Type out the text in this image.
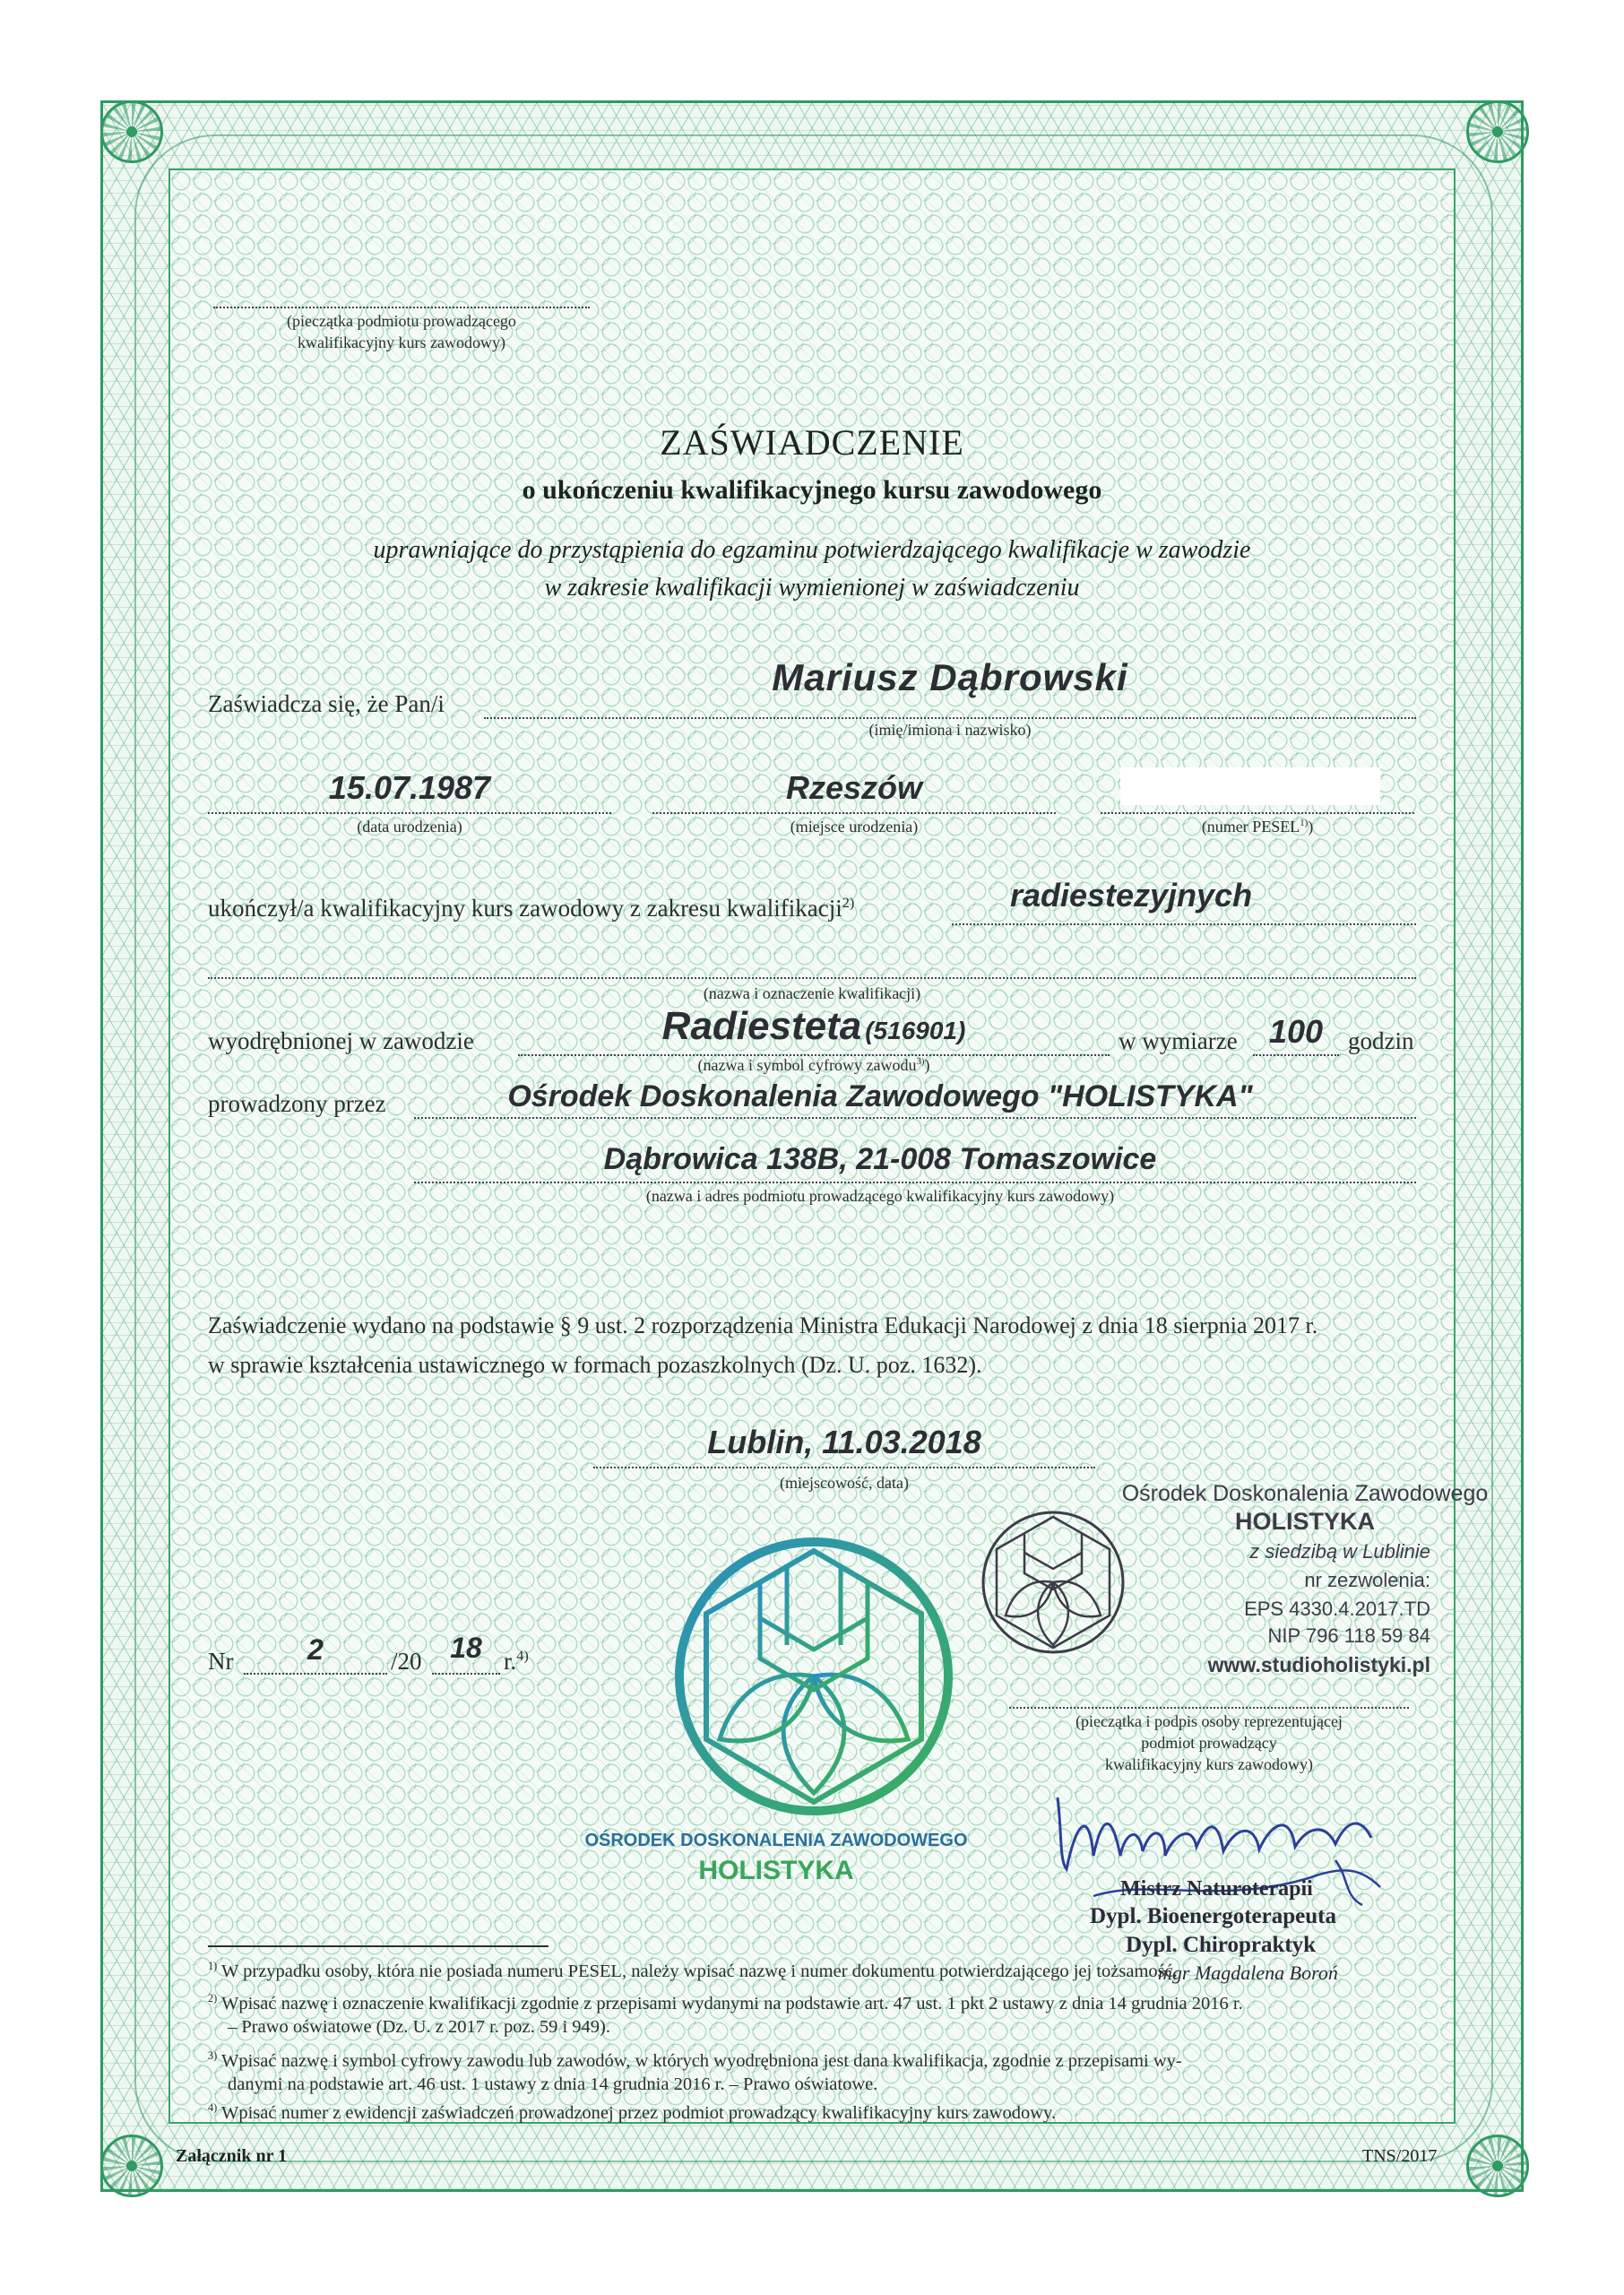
(pieczątka podmiotu prowadzącego
kwalifikacyjny kurs zawodowy)
ZAŚWIADCZENIE
o ukończeniu kwalifikacyjnego kursu zawodowego
uprawniające do przystąpienia do egzaminu potwierdzającego kwalifikacje w zawodzie
w zakresie kwalifikacji wymienionej w zaświadczeniu
Zaświadcza się, że Pan/i
Mariusz Dąbrowski
(imię/imiona i nazwisko)
15.07.1987
(data urodzenia)
Rzeszów
(miejsce urodzenia)	(numer PESEL$^{1)}$)
ukończył/a kwalifikacyjny kurs zawodowy z zakresu kwalifikacji$^{2)}$	radiestezyjnych
(nazwa i oznaczenie kwalifikacji)
wyodrębnionej w zawodzie	Radiesteta (516901)
(nazwa i symbol cyfrowy zawodu$^{3)}$)
w wymiarze 100	godzin
prowadzony przez	Ośrodek Doskonalenia Zawodowego "HOLISTYKA"
Dąbrowica 138B, 21-008 Tomaszowice
(nazwa i adres podmiotu prowadzącego kwalifikacyjny kurs zawodowy)
Zaświadczenie wydano na podstawie § 9 ust. 2 rozporządzenia Ministra Edukacji Narodowej z dnia 18 sierpnia 2017 r.
w sprawie kształcenia ustawicznego w formach pozaszkolnych (Dz. U. poz. 1632).
Lublin, 11.03.2018
(miejscowość, data)
Nr	2	/20 18 r.$^{4)}$
OŚRODEK DOSKONALENIA ZAWODOWEGO
HOLISTYKA
Ośrodek Doskonalenia Zawodowego
HOLISTYKA
z siedzibą w Lublinie
nr zezwolenia:
EPS 4330.4.2017.TD
NIP 796 118 59 84
www.studioholistyki.pl
(pieczątka i podpis osoby reprezentującej
podmiot prowadzący
kwalifikacyjny kurs zawodowy)
Mistrz Naturoterapii
Dypl. Bioenergoterapeuta
Dypl. Chiropraktyk
mgr Magdalena Boroń
$^{1)}$ W przypadku osoby, która nie posiada numeru PESEL, należy wpisać nazwę i numer dokumentu potwierdzającego jej tożsamość.
$^{2)}$ Wpisać nazwę i oznaczenie kwalifikacji zgodnie z przepisami wydanymi na podstawie art. 47 ust. 1 pkt 2 ustawy z dnia 14 grudnia 2016 r.
– Prawo oświatowe (Dz. U. z 2017 r. poz. 59 i 949).
$^{3)}$ Wpisać nazwę i symbol cyfrowy zawodu lub zawodów, w których wyodrębniona jest dana kwalifikacja, zgodnie z przepisami wy-
danymi na podstawie art. 46 ust. 1 ustawy z dnia 14 grudnia 2016 r. – Prawo oświatowe.
$^{4)}$ Wpisać numer z ewidencji zaświadczeń prowadzonej przez podmiot prowadzący kwalifikacyjny kurs zawodowy.
Załącznik nr 1	TNS/2017
